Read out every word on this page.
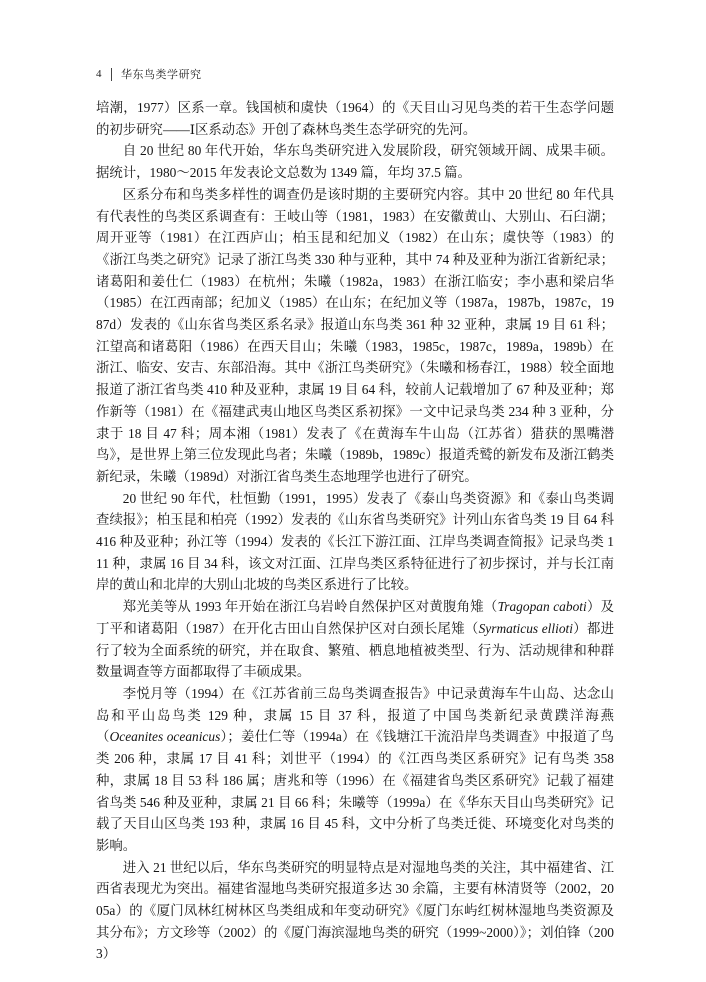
4 华东鸟类学研究

培潮，1977）区系一章。钱国桢和虞快（1964）的《天目山习见鸟类的若干生态学问题的初步研究——Ⅰ区系动态》开创了森林鸟类生态学研究的先河。

自 20 世纪 80 年代开始，华东鸟类研究进入发展阶段，研究领域开阔、成果丰硕。据统计，1980～2015 年发表论文总数为 1349 篇，年均 37.5 篇。

区系分布和鸟类多样性的调查仍是该时期的主要研究内容。其中 20 世纪 80 年代具有代表性的鸟类区系调查有：王岐山等（1981，1983）在安徽黄山、大别山、石臼湖；周开亚等（1981）在江西庐山；柏玉昆和纪加义（1982）在山东；虞快等（1983）的《浙江鸟类之研究》记录了浙江鸟类 330 种与亚种，其中 74 种及亚种为浙江省新纪录；诸葛阳和姜仕仁（1983）在杭州；朱曦（1982a，1983）在浙江临安；李小惠和梁启华（1985）在江西南部；纪加义（1985）在山东；在纪加义等（1987a，1987b，1987c，1987d）发表的《山东省鸟类区系名录》报道山东鸟类 361 种 32 亚种，隶属 19 目 61 科；江望高和诸葛阳（1986）在西天目山；朱曦（1983，1985c，1987c，1989a，1989b）在浙江、临安、安吉、东部沿海。其中《浙江鸟类研究》（朱曦和杨春江，1988）较全面地报道了浙江省鸟类 410 种及亚种，隶属 19 目 64 科，较前人记载增加了 67 种及亚种；郑作新等（1981）在《福建武夷山地区鸟类区系初探》一文中记录鸟类 234 种 3 亚种，分隶于 18 目 47 科；周本湘（1981）发表了《在黄海车牛山岛（江苏省）猎获的黑嘴潜鸟》，是世界上第三位发现此鸟者；朱曦（1989b，1989c）报道秃鹫的新发布及浙江鹤类新纪录，朱曦（1989d）对浙江省鸟类生态地理学也进行了研究。

20 世纪 90 年代，杜恒勤（1991，1995）发表了《泰山鸟类资源》和《泰山鸟类调查续报》；柏玉昆和柏亮（1992）发表的《山东省鸟类研究》计列山东省鸟类 19 目 64 科 416 种及亚种；孙江等（1994）发表的《长江下游江面、江岸鸟类调查简报》记录鸟类 111 种，隶属 16 目 34 科，该文对江面、江岸鸟类区系特征进行了初步探讨，并与长江南岸的黄山和北岸的大别山北坡的鸟类区系进行了比较。

郑光美等从 1993 年开始在浙江乌岩岭自然保护区对黄腹角雉（Tragopan caboti）及丁平和诸葛阳（1987）在开化古田山自然保护区对白颈长尾雉（Syrmaticus ellioti）都进行了较为全面系统的研究，并在取食、繁殖、栖息地植被类型、行为、活动规律和种群数量调查等方面都取得了丰硕成果。

李悦月等（1994）在《江苏省前三岛鸟类调查报告》中记录黄海车牛山岛、达念山岛和平山岛鸟类 129 种，隶属 15 目 37 科，报道了中国鸟类新纪录黄蹼洋海燕（Oceanites oceanicus）；姜仕仁等（1994a）在《钱塘江干流沿岸鸟类调查》中报道了鸟类 206 种，隶属 17 目 41 科；刘世平（1994）的《江西鸟类区系研究》记有鸟类 358 种，隶属 18 目 53 科 186 属；唐兆和等（1996）在《福建省鸟类区系研究》记载了福建省鸟类 546 种及亚种，隶属 21 目 66 科；朱曦等（1999a）在《华东天目山鸟类研究》记载了天目山区鸟类 193 种，隶属 16 目 45 科，文中分析了鸟类迁徙、环境变化对鸟类的影响。

进入 21 世纪以后，华东鸟类研究的明显特点是对湿地鸟类的关注，其中福建省、江西省表现尤为突出。福建省湿地鸟类研究报道多达 30 余篇，主要有林清贤等（2002，2005a）的《厦门凤林红树林区鸟类组成和年变动研究》《厦门东屿红树林湿地鸟类资源及其分布》；方文珍等（2002）的《厦门海滨湿地鸟类的研究（1999~2000）》；刘伯锋（2003）
